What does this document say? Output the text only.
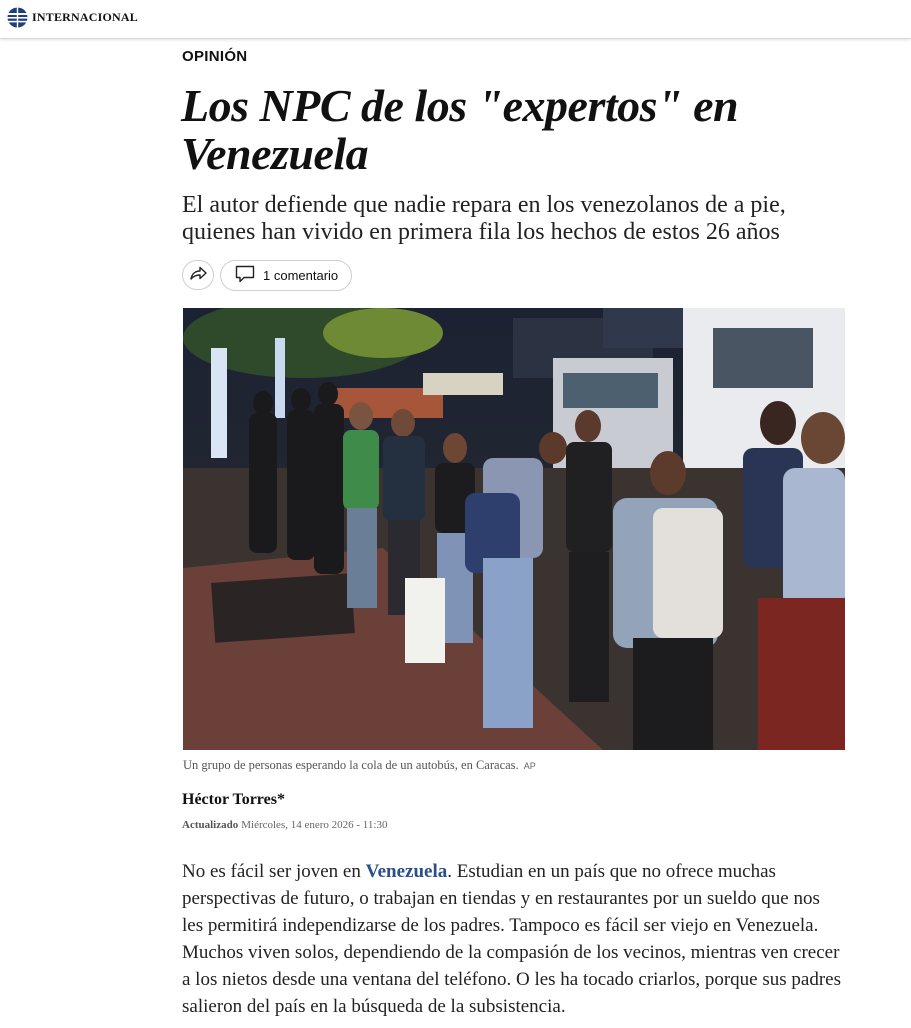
INTERNACIONAL
OPINIÓN
Los NPC de los "expertos" en Venezuela

El autor defiende que nadie repara en los venezolanos de a pie, quienes han vivido en primera fila los hechos de estos 26 años

1 comentario
Un grupo de personas esperando la cola de un autobús, en Caracas. AP
Héctor Torres*
Actualizado Miércoles, 14 enero 2026 - 11:30

No es fácil ser joven en Venezuela. Estudian en un país que no ofrece muchas perspectivas de futuro, o trabajan en tiendas y en restaurantes por un sueldo que nos les permitirá independizarse de los padres. Tampoco es fácil ser viejo en Venezuela. Muchos viven solos, dependiendo de la compasión de los vecinos, mientras ven crecer a los nietos desde una ventana del teléfono. O les ha tocado criarlos, porque sus padres salieron del país en la búsqueda de la subsistencia.
